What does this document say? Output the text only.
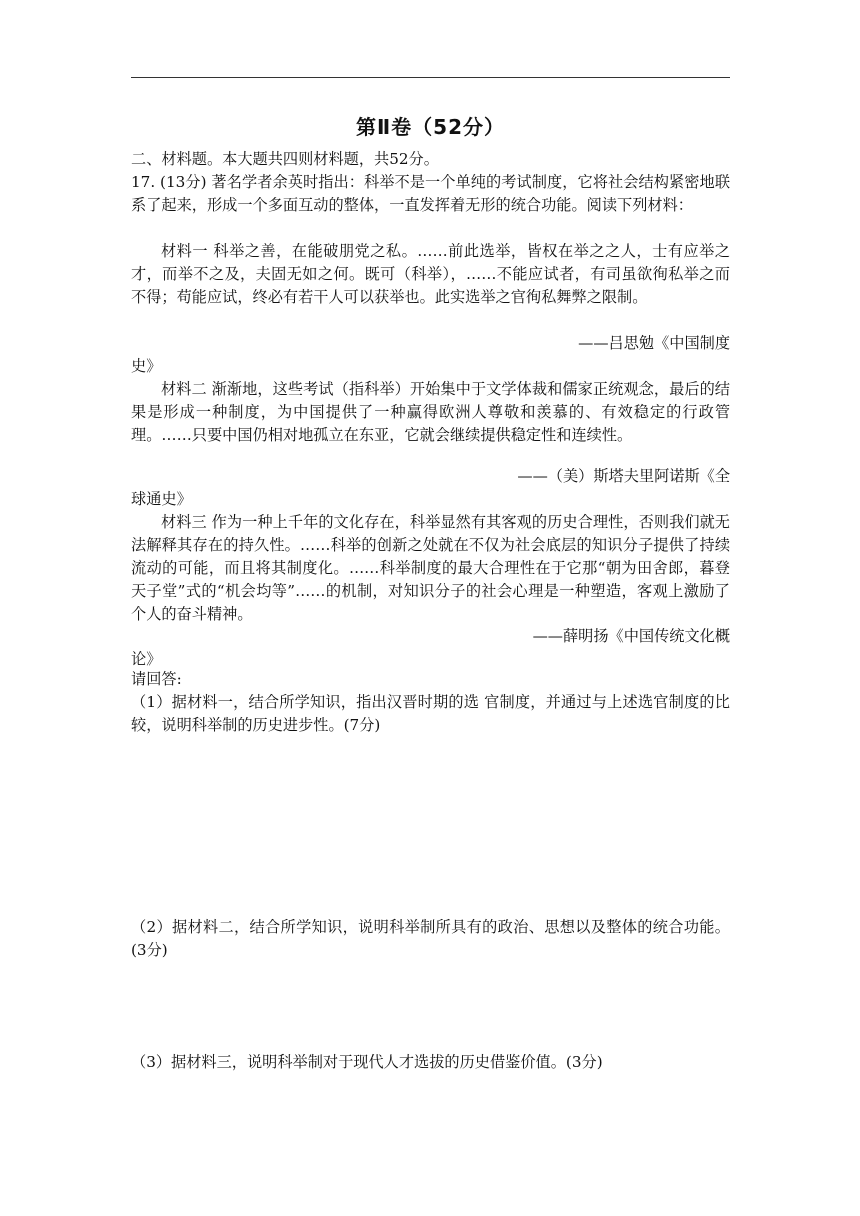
第Ⅱ卷（52分）
二、材料题。本大题共四则材料题，共52分。
17. (13分) 著名学者余英时指出：科举不是一个单纯的考试制度，它将社会结构紧密地联系了起来，形成一个多面互动的整体，一直发挥着无形的统合功能。阅读下列材料：
材料一 科举之善，在能破朋党之私。……前此选举，皆权在举之之人，士有应举之才，而举不之及，夫固无如之何。既可（科举），……不能应试者，有司虽欲徇私举之而不得；苟能应试，终必有若干人可以获举也。此实选举之官徇私舞弊之限制。
——吕思勉《中国制度
史》
材料二 渐渐地，这些考试（指科举）开始集中于文学体裁和儒家正统观念，最后的结果是形成一种制度，为中国提供了一种赢得欧洲人尊敬和羡慕的、有效稳定的行政管理。……只要中国仍相对地孤立在东亚，它就会继续提供稳定性和连续性。
——（美）斯塔夫里阿诺斯《全
球通史》
材料三 作为一种上千年的文化存在，科举显然有其客观的历史合理性，否则我们就无法解释其存在的持久性。……科举的创新之处就在不仅为社会底层的知识分子提供了持续流动的可能，而且将其制度化。……科举制度的最大合理性在于它那“朝为田舍郎，暮登天子堂”式的“机会均等”……的机制，对知识分子的社会心理是一种塑造，客观上激励了个人的奋斗精神。
——薛明扬《中国传统文化概
论》
请回答:
（1）据材料一，结合所学知识，指出汉晋时期的选 官制度，并通过与上述选官制度的比较，说明科举制的历史进步性。(7分)
（2）据材料二，结合所学知识，说明科举制所具有的政治、思想以及整体的统合功能。(3分)
（3）据材料三，说明科举制对于现代人才选拔的历史借鉴价值。(3分)
